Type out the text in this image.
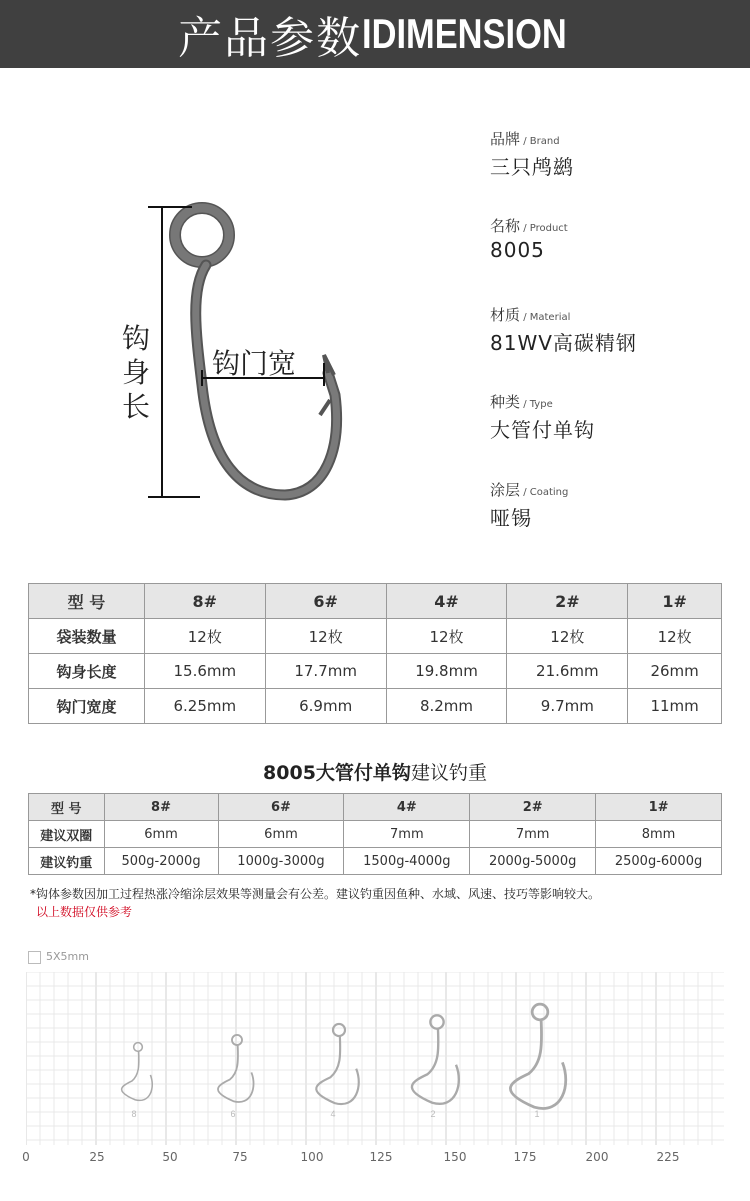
产品参数 IDIMENSION
钩身长
钩门宽
品牌 / Brand
三只鸬鹚
名称 / Product
8005
材质 / Material
81WV高碳精钢
种类 / Type
大管付单钩
涂层 / Coating
哑锡
型 号	8#	6#	4#	2#	1#
袋装数量	12枚	12枚	12枚	12枚	12枚
钩身长度	15.6mm	17.7mm	19.8mm	21.6mm	26mm
钩门宽度	6.25mm	6.9mm	8.2mm	9.7mm	11mm
8005大管付单钩建议钓重
型 号	8#	6#	4#	2#	1#
建议双圈	6mm	6mm	7mm	7mm	8mm
建议钓重	500g-2000g	1000g-3000g	1500g-4000g	2000g-5000g	2500g-6000g
*钩体参数因加工过程热涨冷缩涂层效果等测量会有公差。建议钓重因鱼种、水域、风速、技巧等影响较大。
以上数据仅供参考
5X5mm
8	6	4	2	1
0	25	50	75	100	125	150	175	200	225
